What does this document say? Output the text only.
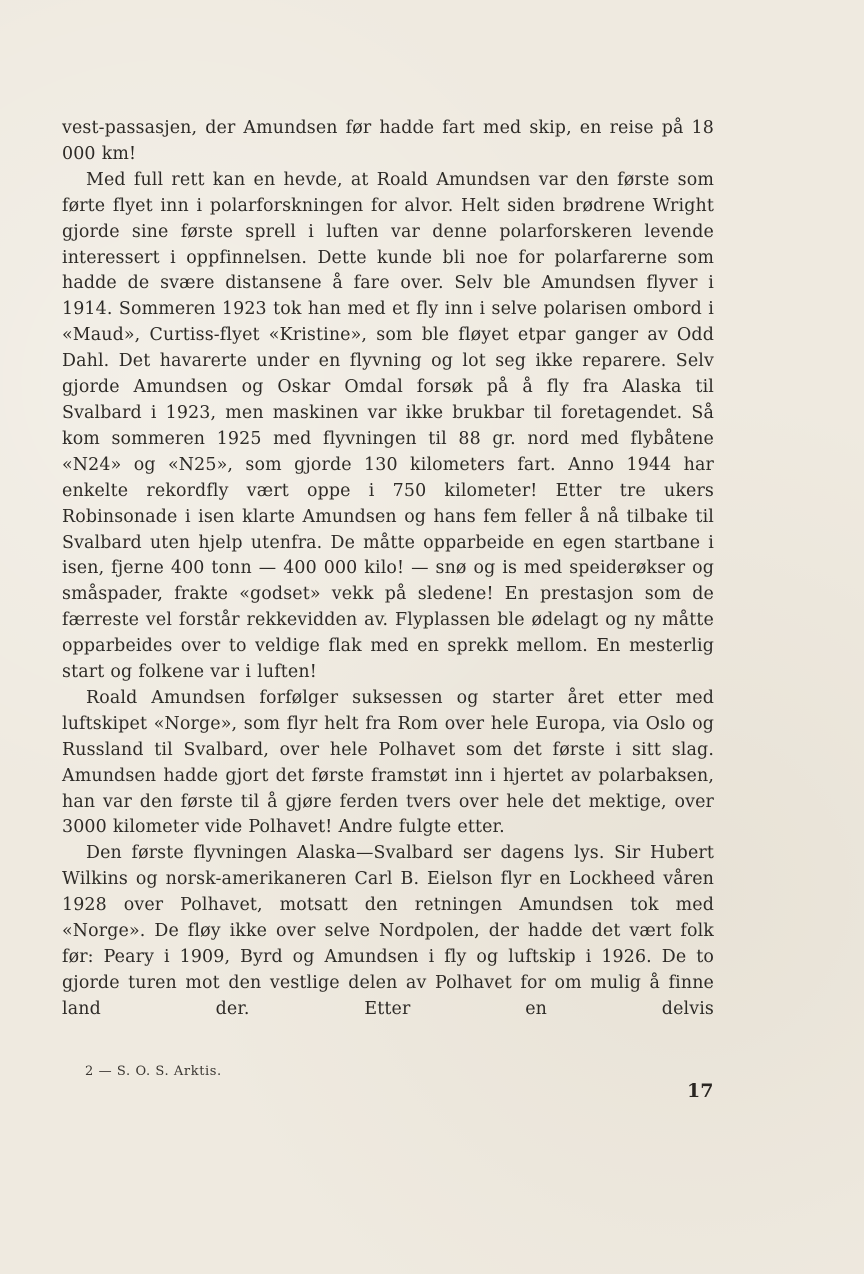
vest-passasjen, der Amundsen før hadde fart med skip, en reise på 18 000 km!

Med full rett kan en hevde, at Roald Amundsen var den første som førte flyet inn i polarforskningen for alvor. Helt siden brødrene Wright gjorde sine første sprell i luften var denne polarforskeren levende interessert i oppfinnelsen. Dette kunde bli noe for polarfarerne som hadde de svære distansene å fare over. Selv ble Amundsen flyver i 1914. Sommeren 1923 tok han med et fly inn i selve polarisen ombord i «Maud», Curtiss-flyet «Kristine», som ble fløyet etpar ganger av Odd Dahl. Det havarerte under en flyvning og lot seg ikke reparere. Selv gjorde Amundsen og Oskar Omdal forsøk på å fly fra Alaska til Svalbard i 1923, men maskinen var ikke brukbar til foretagendet. Så kom sommeren 1925 med flyvningen til 88 gr. nord med flybåtene «N24» og «N25», som gjorde 130 kilometers fart. Anno 1944 har enkelte rekordfly vært oppe i 750 kilometer! Etter tre ukers Robinsonade i isen klarte Amundsen og hans fem feller å nå tilbake til Svalbard uten hjelp utenfra. De måtte opparbeide en egen startbane i isen, fjerne 400 tonn — 400 000 kilo! — snø og is med speiderøkser og småspader, frakte «godset» vekk på sledene! En prestasjon som de færreste vel forstår rekkevidden av. Flyplassen ble ødelagt og ny måtte opparbeides over to veldige flak med en sprekk mellom. En mesterlig start og folkene var i luften!

Roald Amundsen forfølger suksessen og starter året etter med luftskipet «Norge», som flyr helt fra Rom over hele Europa, via Oslo og Russland til Svalbard, over hele Polhavet som det første i sitt slag. Amundsen hadde gjort det første framstøt inn i hjertet av polarbaksen, han var den første til å gjøre ferden tvers over hele det mektige, over 3000 kilometer vide Polhavet! Andre fulgte etter.

Den første flyvningen Alaska—Svalbard ser dagens lys. Sir Hubert Wilkins og norsk-amerikaneren Carl B. Eielson flyr en Lockheed våren 1928 over Polhavet, motsatt den retningen Amundsen tok med «Norge». De fløy ikke over selve Nordpolen, der hadde det vært folk før: Peary i 1909, Byrd og Amundsen i fly og luftskip i 1926. De to gjorde turen mot den vestlige delen av Polhavet for om mulig å finne land der. Etter en delvis

2 — S. O. S. Arktis.
17
